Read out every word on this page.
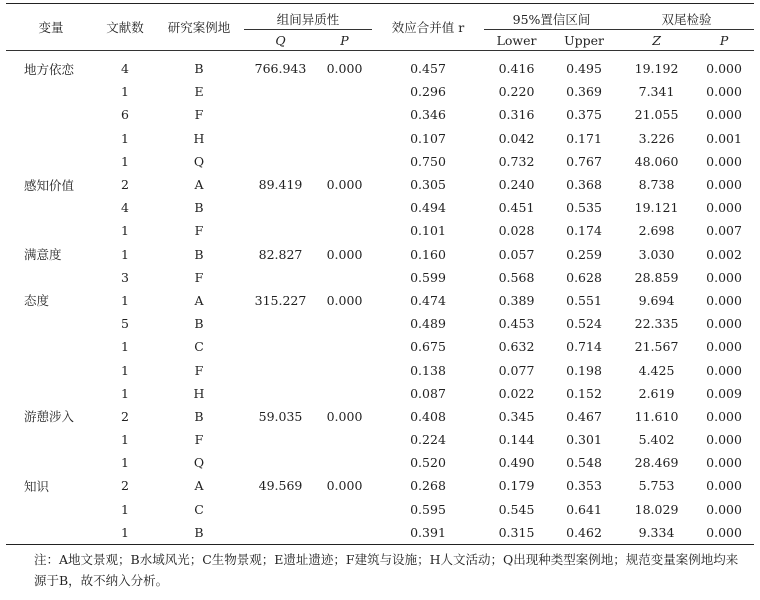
变量	文献数	研究案例地	组间异质性		效应合并值 r	95%置信区间		双尾检验	
			Q	P		Lower	Upper	Z	P
地方依恋	4	B	766.943	0.000	0.457	0.416	0.495	19.192	0.000
	1	E			0.296	0.220	0.369	7.341	0.000
	6	F			0.346	0.316	0.375	21.055	0.000
	1	H			0.107	0.042	0.171	3.226	0.001
	1	Q			0.750	0.732	0.767	48.060	0.000
感知价值	2	A	89.419	0.000	0.305	0.240	0.368	8.738	0.000
	4	B			0.494	0.451	0.535	19.121	0.000
	1	F			0.101	0.028	0.174	2.698	0.007
满意度	1	B	82.827	0.000	0.160	0.057	0.259	3.030	0.002
	3	F			0.599	0.568	0.628	28.859	0.000
态度	1	A	315.227	0.000	0.474	0.389	0.551	9.694	0.000
	5	B			0.489	0.453	0.524	22.335	0.000
	1	C			0.675	0.632	0.714	21.567	0.000
	1	F			0.138	0.077	0.198	4.425	0.000
	1	H			0.087	0.022	0.152	2.619	0.009
游憩涉入	2	B	59.035	0.000	0.408	0.345	0.467	11.610	0.000
	1	F			0.224	0.144	0.301	5.402	0.000
	1	Q			0.520	0.490	0.548	28.469	0.000
知识	2	A	49.569	0.000	0.268	0.179	0.353	5.753	0.000
	1	C			0.595	0.545	0.641	18.029	0.000
	1	B			0.391	0.315	0.462	9.334	0.000
注：A地文景观；B水域风光；C生物景观；E遗址遗迹；F建筑与设施；H人文活动；Q出现种类型案例地；规范变量案例地均来源于B，故不纳入分析。
